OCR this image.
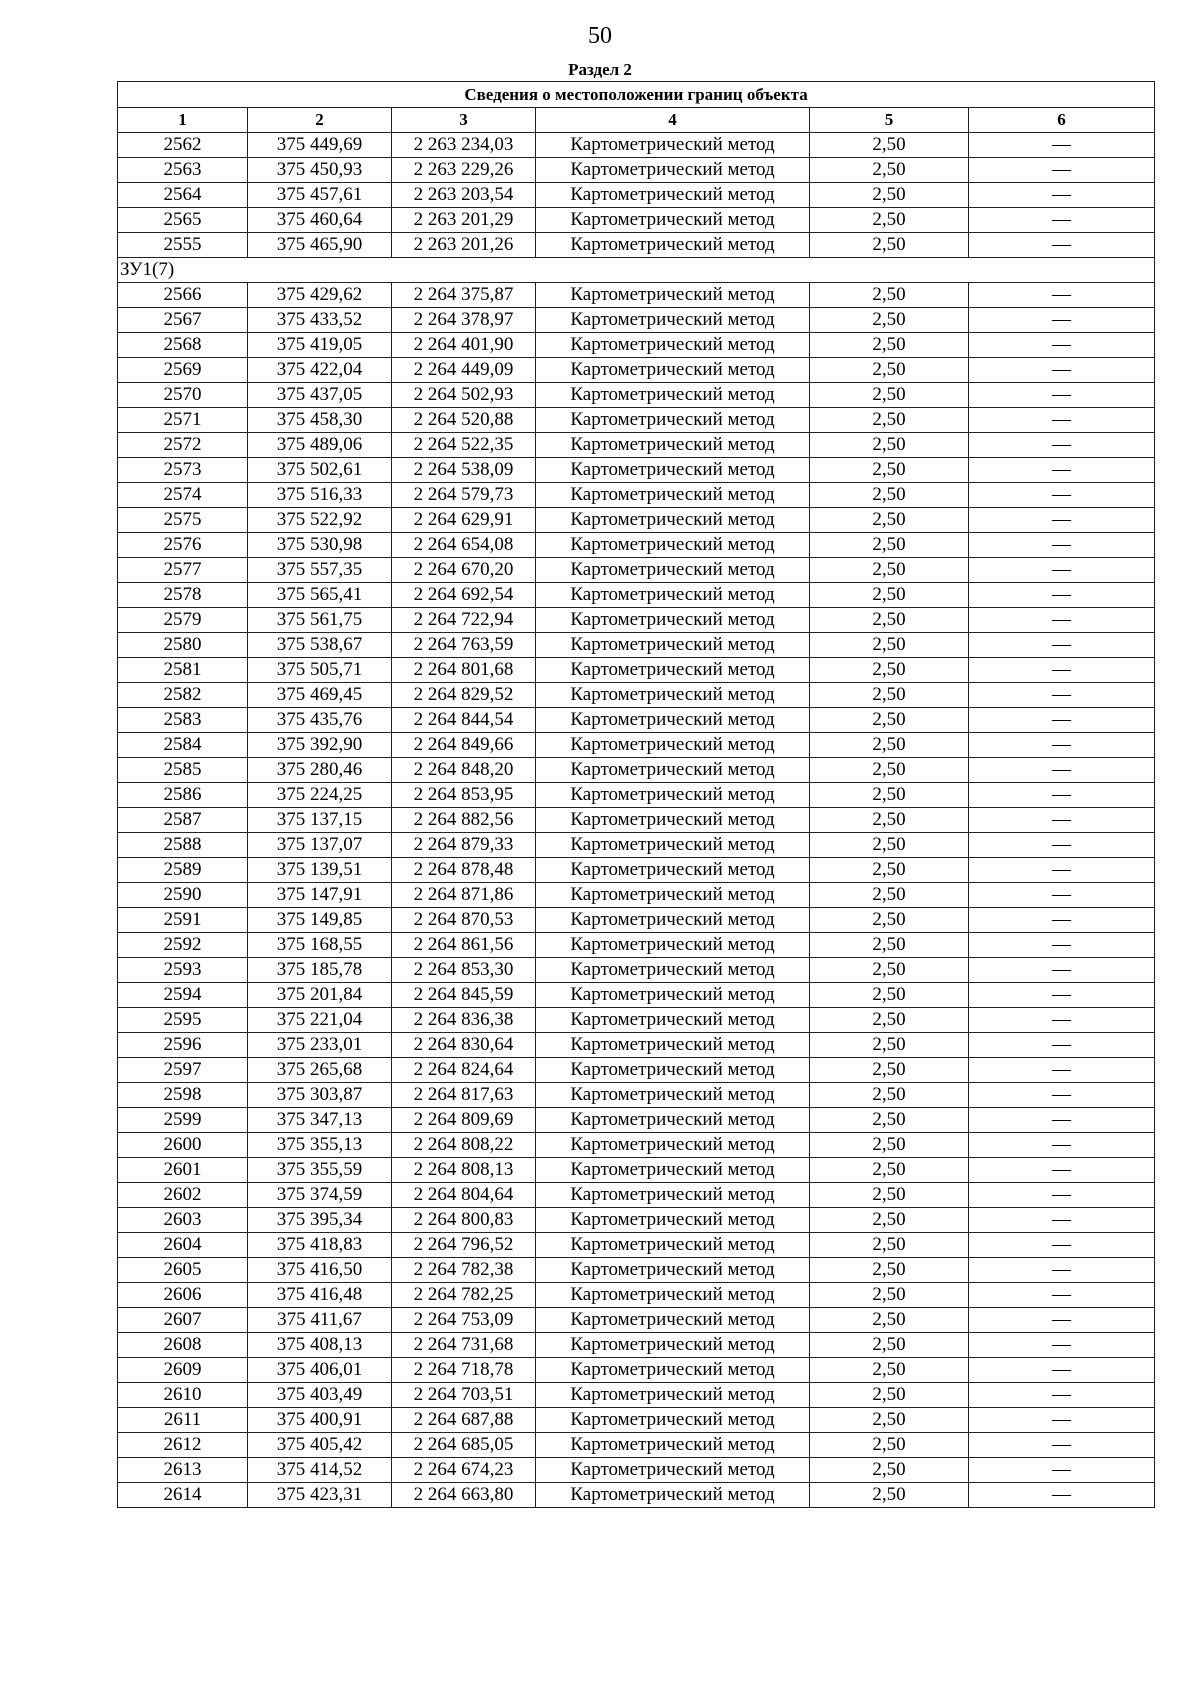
50
Раздел 2
Сведения о местоположении границ объекта					
1	2	3	4	5	6
2562	375 449,69	2 263 234,03	Картометрический метод	2,50	—
2563	375 450,93	2 263 229,26	Картометрический метод	2,50	—
2564	375 457,61	2 263 203,54	Картометрический метод	2,50	—
2565	375 460,64	2 263 201,29	Картометрический метод	2,50	—
2555	375 465,90	2 263 201,26	Картометрический метод	2,50	—
ЗУ1(7)					
2566	375 429,62	2 264 375,87	Картометрический метод	2,50	—
2567	375 433,52	2 264 378,97	Картометрический метод	2,50	—
2568	375 419,05	2 264 401,90	Картометрический метод	2,50	—
2569	375 422,04	2 264 449,09	Картометрический метод	2,50	—
2570	375 437,05	2 264 502,93	Картометрический метод	2,50	—
2571	375 458,30	2 264 520,88	Картометрический метод	2,50	—
2572	375 489,06	2 264 522,35	Картометрический метод	2,50	—
2573	375 502,61	2 264 538,09	Картометрический метод	2,50	—
2574	375 516,33	2 264 579,73	Картометрический метод	2,50	—
2575	375 522,92	2 264 629,91	Картометрический метод	2,50	—
2576	375 530,98	2 264 654,08	Картометрический метод	2,50	—
2577	375 557,35	2 264 670,20	Картометрический метод	2,50	—
2578	375 565,41	2 264 692,54	Картометрический метод	2,50	—
2579	375 561,75	2 264 722,94	Картометрический метод	2,50	—
2580	375 538,67	2 264 763,59	Картометрический метод	2,50	—
2581	375 505,71	2 264 801,68	Картометрический метод	2,50	—
2582	375 469,45	2 264 829,52	Картометрический метод	2,50	—
2583	375 435,76	2 264 844,54	Картометрический метод	2,50	—
2584	375 392,90	2 264 849,66	Картометрический метод	2,50	—
2585	375 280,46	2 264 848,20	Картометрический метод	2,50	—
2586	375 224,25	2 264 853,95	Картометрический метод	2,50	—
2587	375 137,15	2 264 882,56	Картометрический метод	2,50	—
2588	375 137,07	2 264 879,33	Картометрический метод	2,50	—
2589	375 139,51	2 264 878,48	Картометрический метод	2,50	—
2590	375 147,91	2 264 871,86	Картометрический метод	2,50	—
2591	375 149,85	2 264 870,53	Картометрический метод	2,50	—
2592	375 168,55	2 264 861,56	Картометрический метод	2,50	—
2593	375 185,78	2 264 853,30	Картометрический метод	2,50	—
2594	375 201,84	2 264 845,59	Картометрический метод	2,50	—
2595	375 221,04	2 264 836,38	Картометрический метод	2,50	—
2596	375 233,01	2 264 830,64	Картометрический метод	2,50	—
2597	375 265,68	2 264 824,64	Картометрический метод	2,50	—
2598	375 303,87	2 264 817,63	Картометрический метод	2,50	—
2599	375 347,13	2 264 809,69	Картометрический метод	2,50	—
2600	375 355,13	2 264 808,22	Картометрический метод	2,50	—
2601	375 355,59	2 264 808,13	Картометрический метод	2,50	—
2602	375 374,59	2 264 804,64	Картометрический метод	2,50	—
2603	375 395,34	2 264 800,83	Картометрический метод	2,50	—
2604	375 418,83	2 264 796,52	Картометрический метод	2,50	—
2605	375 416,50	2 264 782,38	Картометрический метод	2,50	—
2606	375 416,48	2 264 782,25	Картометрический метод	2,50	—
2607	375 411,67	2 264 753,09	Картометрический метод	2,50	—
2608	375 408,13	2 264 731,68	Картометрический метод	2,50	—
2609	375 406,01	2 264 718,78	Картометрический метод	2,50	—
2610	375 403,49	2 264 703,51	Картометрический метод	2,50	—
2611	375 400,91	2 264 687,88	Картометрический метод	2,50	—
2612	375 405,42	2 264 685,05	Картометрический метод	2,50	—
2613	375 414,52	2 264 674,23	Картометрический метод	2,50	—
2614	375 423,31	2 264 663,80	Картометрический метод	2,50	—
